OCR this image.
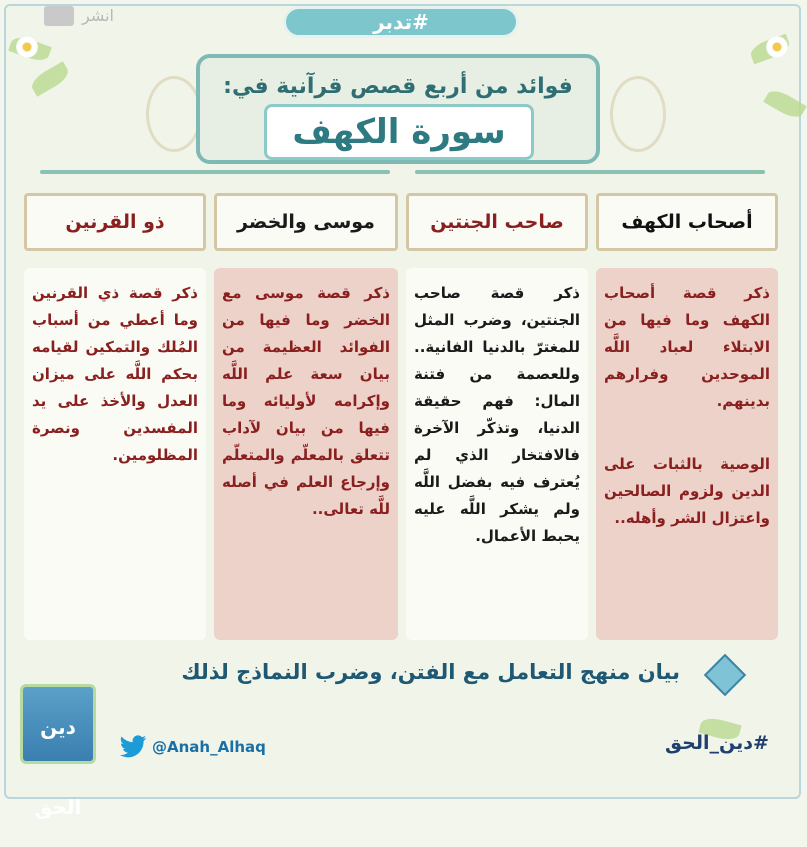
انشر	#تدبر
فوائد من أربع قصص قرآنية في:
سورة الكهف
أصحاب الكهف
صاحب الجنتين
موسى والخضر
ذو القرنين

ذكر قصة أصحاب الكهف وما فيها من الابتلاء لعباد اللَّه الموحدين وفرارهم بدينهم.

الوصية بالثبات على الدين ولزوم الصالحين واعتزال الشر وأهله..

ذكر قصة صاحب الجنتين، وضرب المثل للمغترّ بالدنيا الفانية.. وللعصمة من فتنة المال: فهم حقيقة الدنيا، وتذكّر الآخرة فالافتخار الذي لم يُعترف فيه بفضل اللَّه ولم يشكر اللَّه عليه يحبط الأعمال.

ذكر قصة موسى مع الخضر وما فيها من الفوائد العظيمة من بيان سعة علم اللَّه وإكرامه لأوليائه وما فيها من بيان لآداب تتعلق بالمعلّم والمتعلّم وإرجاع العلم في أصله للَّه تعالى..

ذكر قصة ذي القرنين وما أعطي من أسباب المُلك والتمكين لقيامه بحكم اللَّه على ميزان العدل والأخذ على يد المفسدين ونصرة المظلومين.

بيان منهج التعامل مع الفتن، وضرب النماذج لذلك
دين الحق
@Anah_Alhaq	#دين_الحق
